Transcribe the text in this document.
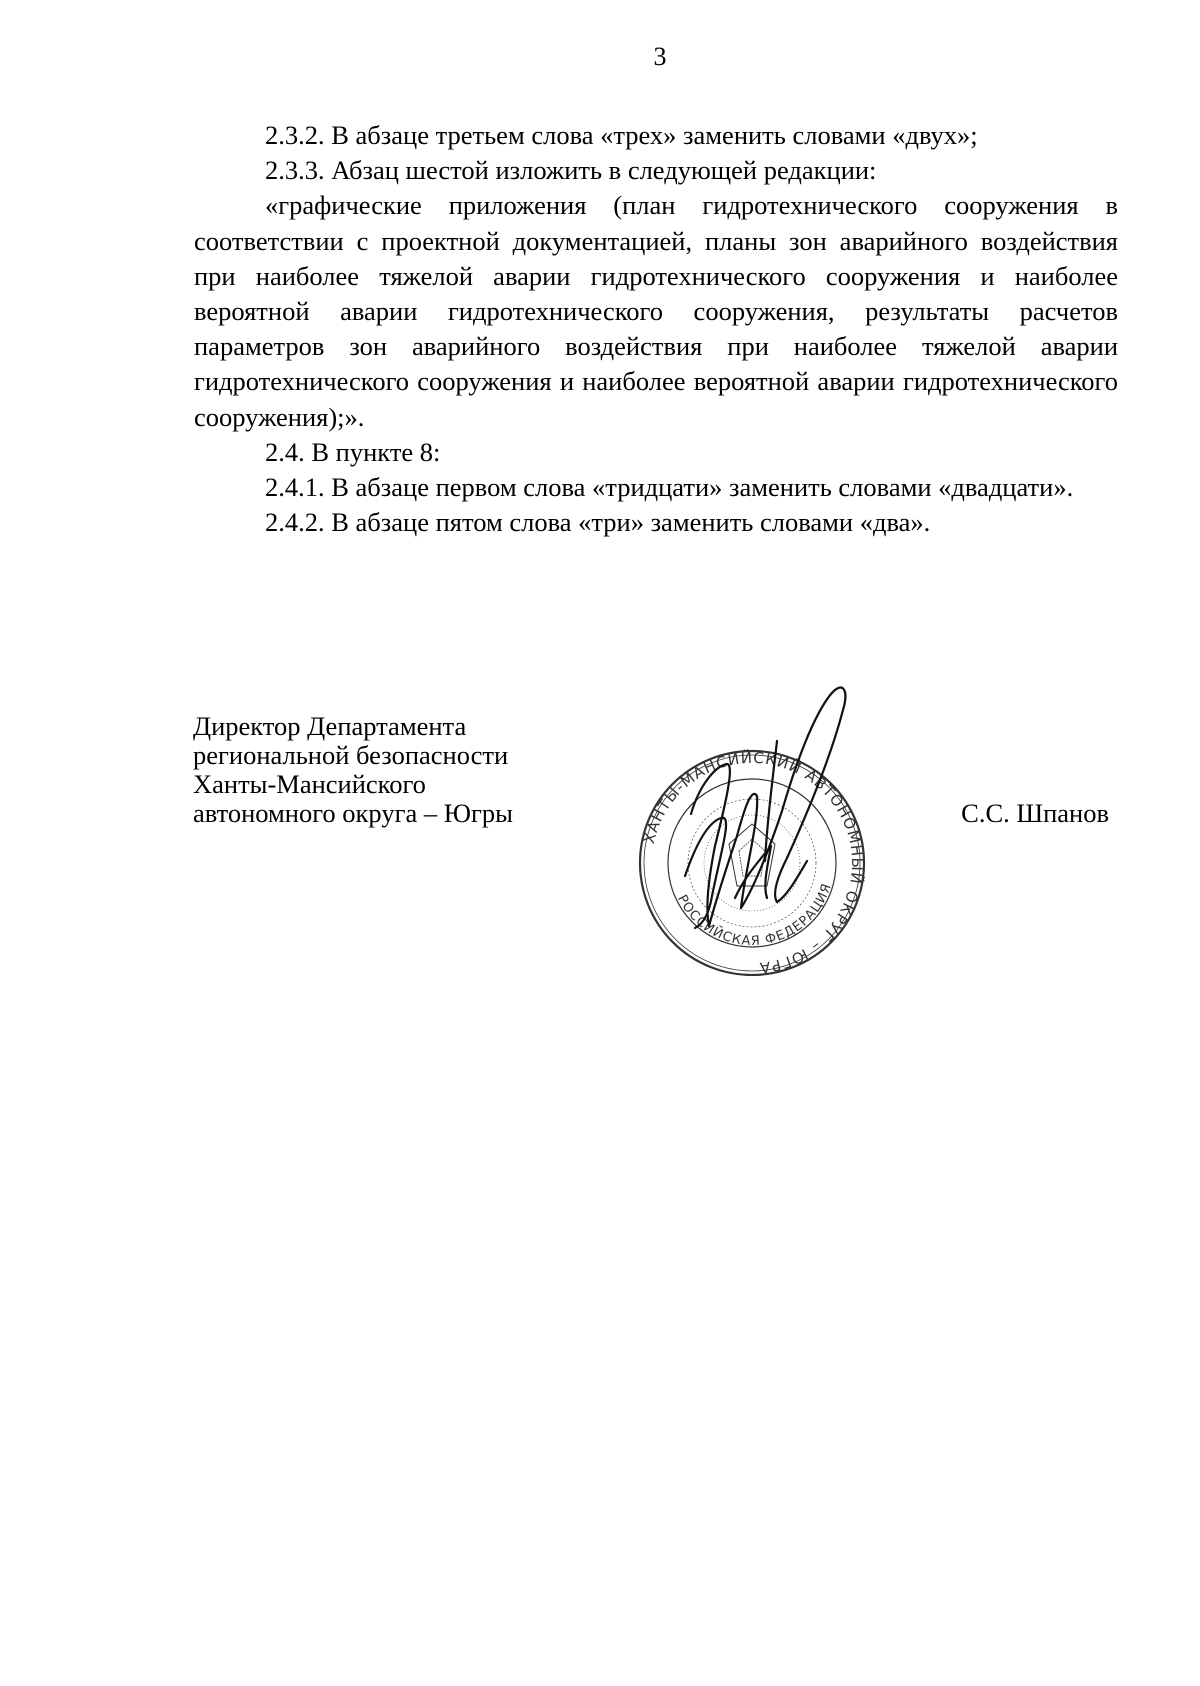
3

2.3.2. В абзаце третьем слова «трех» заменить словами «двух»;

2.3.3. Абзац шестой изложить в следующей редакции:

«графические приложения (план гидротехнического сооружения в соответствии с проектной документацией, планы зон аварийного воздействия при наиболее тяжелой аварии гидротехнического сооружения и наиболее вероятной аварии гидротехнического сооружения, результаты расчетов параметров зон аварийного воздействия при наиболее тяжелой аварии гидротехнического сооружения и наиболее вероятной аварии гидротехнического сооружения);».

2.4. В пункте 8:

2.4.1. В абзаце первом слова «тридцати» заменить словами «двадцати».

2.4.2. В абзаце пятом слова «три» заменить словами «два».

Директор Департамента
региональной безопасности
Ханты-Мансийского
автономного округа – Югры
ХАНТЫ-МАНСИЙСКИЙ АВТОНОМНЫЙ ОКРУГ – ЮГРА
РОССИЙСКАЯ ФЕДЕРАЦИЯ
С.С. Шпанов
